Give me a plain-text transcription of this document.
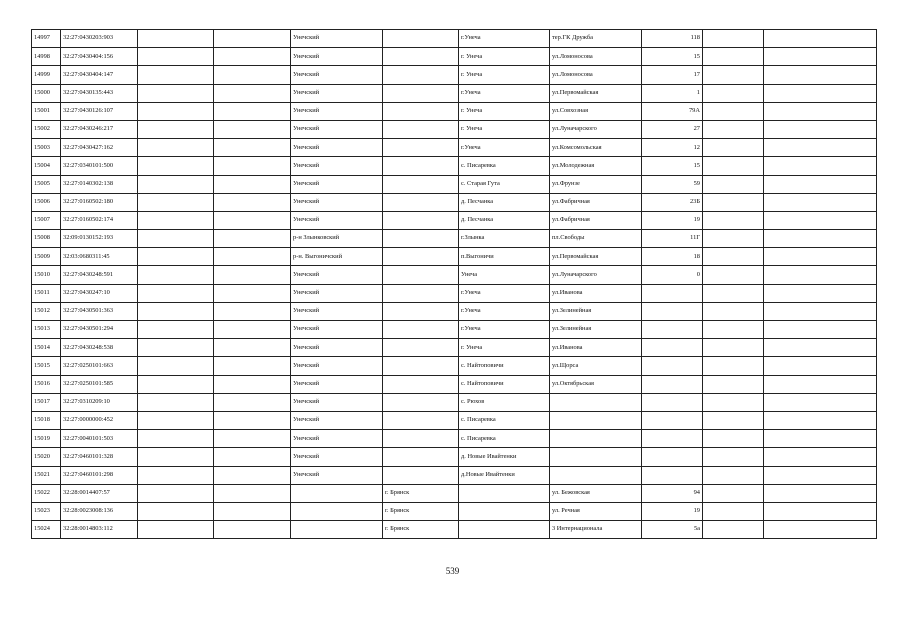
14997	32:27:0430203:903			Унечский		г.Унеча	тер.ГК Дружба	118		
14998	32:27:0430404:156			Унечский		г. Унеча	ул.Ломоносова	15		
14999	32:27:0430404:147			Унечский		г. Унеча	ул.Ломоносова	17		
15000	32:27:0430135:443			Унечский		г.Унеча	ул.Первомайская	1		
15001	32:27:0430126:107			Унечский		г. Унеча	ул.Совхозная	79А		
15002	32:27:0430246:217			Унечский		г. Унеча	ул.Луначарского	27		
15003	32:27:0430427:162			Унечский		г.Унеча	ул.Комсомольская	12		
15004	32:27:0340101:500			Унечский		с. Писаревка	ул.Молодежная	15		
15005	32:27:0140302:138			Унечский		с. Старая Гута	ул.Фрунзе	59		
15006	32:27:0160502:180			Унечский		д. Песчанка	ул.Фабричная	23Б		
15007	32:27:0160502:174			Унечский		д. Песчанка	ул.Фабричная	19		
15008	32:09:0130152:193			р-н Злынковский		г.Злынка	пл.Свободы	11Г		
15009	32:03:0680311:45			р-н. Выгоничский		п.Выгоничи	ул.Первомайская	18		
15010	32:27:0430248:591			Унечский		Унеча	ул.Луначарского	0		
15011	32:27:0430247:10			Унечский		г.Унеча	ул.Иванова			
15012	32:27:0430501:363			Унечский		г.Унеча	ул.Зелинейная			
15013	32:27:0430501:294			Унечский		г.Унеча	ул.Зелинейная			
15014	32:27:0430248:538			Унечский		г. Унеча	ул.Иванова			
15015	32:27:0250101:663			Унечский		с. Найтоповичи	ул.Щорса			
15016	32:27:0250101:585			Унечский		с. Найтоповичи	ул.Октябрьская			
15017	32:27:0310209:10			Унечский		с. Рюхов				
15018	32:27:0000000:452			Унечский		с. Писаревка				
15019	32:27:0040101:503			Унечский		с. Писаревка				
15020	32:27:0460101:328			Унечский		д. Новые Ивайтенки				
15021	32:27:0460101:298			Унечский		д.Новые Ивайтенки				
15022	32:28:0014407:57				г. Брянск		ул. Бежовская	94		
15023	32:28:0023008:136				г. Брянск		ул. Речная	19		
15024	32:28:0014803:112				г. Брянск		3 Интернационала	5а		
539
